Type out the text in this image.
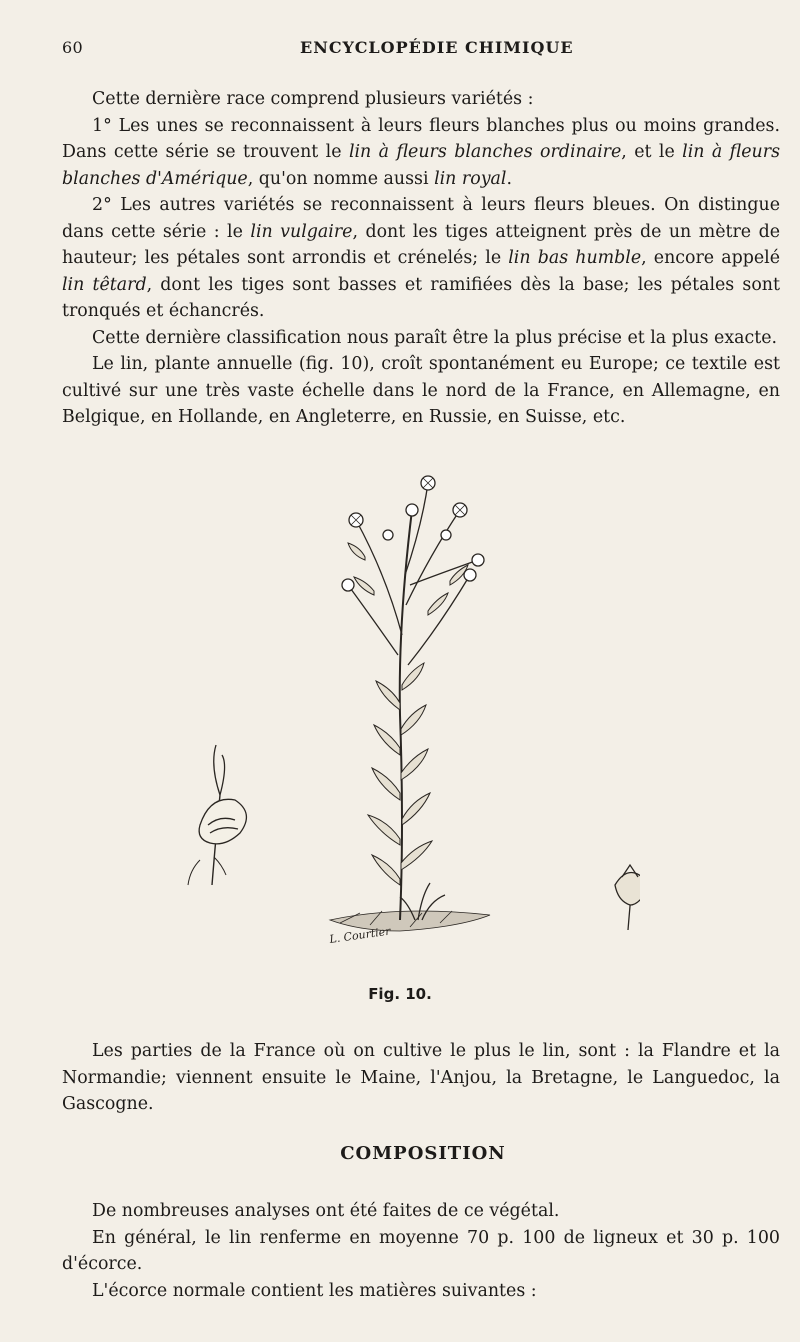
60	ENCYCLOPÉDIE CHIMIQUE

Cette dernière race comprend plusieurs variétés :

1° Les unes se reconnaissent à leurs fleurs blanches plus ou moins grandes. Dans cette série se trouvent le lin à fleurs blanches ordinaire, et le lin à fleurs blanches d'Amérique, qu'on nomme aussi lin royal.

2° Les autres variétés se reconnaissent à leurs fleurs bleues. On distingue dans cette série : le lin vulgaire, dont les tiges atteignent près de un mètre de hauteur; les pétales sont arrondis et crénelés; le lin bas humble, encore appelé lin têtard, dont les tiges sont basses et ramifiées dès la base; les pétales sont tronqués et échancrés.

Cette dernière classification nous paraît être la plus précise et la plus exacte.

Le lin, plante annuelle (fig. 10), croît spontanément eu Europe; ce textile est cultivé sur une très vaste échelle dans le nord de la France, en Allemagne, en Belgique, en Hollande, en Angleterre, en Russie, en Suisse, etc.

L. Courtier
Fig. 10.

Les parties de la France où on cultive le plus le lin, sont : la Flandre et la Normandie; viennent ensuite le Maine, l'Anjou, la Bretagne, le Languedoc, la Gascogne.

COMPOSITION

De nombreuses analyses ont été faites de ce végétal.

En général, le lin renferme en moyenne 70 p. 100 de ligneux et 30 p. 100 d'écorce.

L'écorce normale contient les matières suivantes :
